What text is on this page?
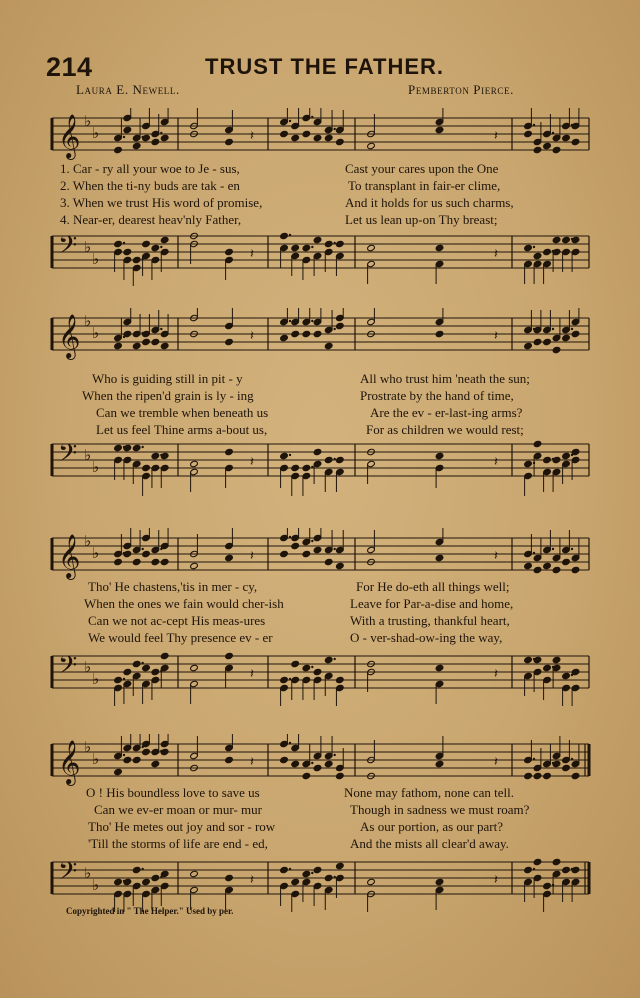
214	TRUST THE FATHER.
Laura E. Newell.	Pemberton Pierce.
𝄞 ♭
♭	𝄽	𝄽
1. Car - ry all your woe to Je - sus,	Cast your cares upon the One
2. When the ti-ny buds are tak - en	To transplant in fair-er clime,
3. When we trust His word of promise,	And it holds for us such charms,
4. Near-er, dearest heav'nly Father,	Let us lean up-on Thy breast;
𝄢 ♭
♭	𝄽	𝄽
𝄞 ♭
♭	𝄽	𝄽
Who is guiding still in pit - y	All who trust him 'neath the sun;
When the ripen'd grain is ly - ing	Prostrate by the hand of time,
Can we tremble when beneath us	Are the ev - er-last-ing arms?
Let us feel Thine arms a-bout us,	For as children we would rest;
𝄢 ♭
♭	𝄽	𝄽
𝄞 ♭
♭	𝄽	𝄽
Tho' He chastens,'tis in mer - cy,	For He do-eth all things well;
When the ones we fain would cher-ish	Leave for Par-a-dise and home,
Can we not ac-cept His meas-ures	With a trusting, thankful heart,
We would feel Thy presence ev - er	O - ver-shad-ow-ing the way,
𝄢 ♭
♭	𝄽	𝄽
𝄞 ♭
♭	𝄽	𝄽
O ! His boundless love to save us	None may fathom, none can tell.
Can we ev-er moan or mur- mur	Though in sadness we must roam?
Tho' He metes out joy and sor - row	As our portion, as our part?
'Till the storms of life are end - ed,	And the mists all clear'd away.
𝄢 ♭
♭	𝄽	𝄽
Copyrighted in " The Helper." Used by per.
